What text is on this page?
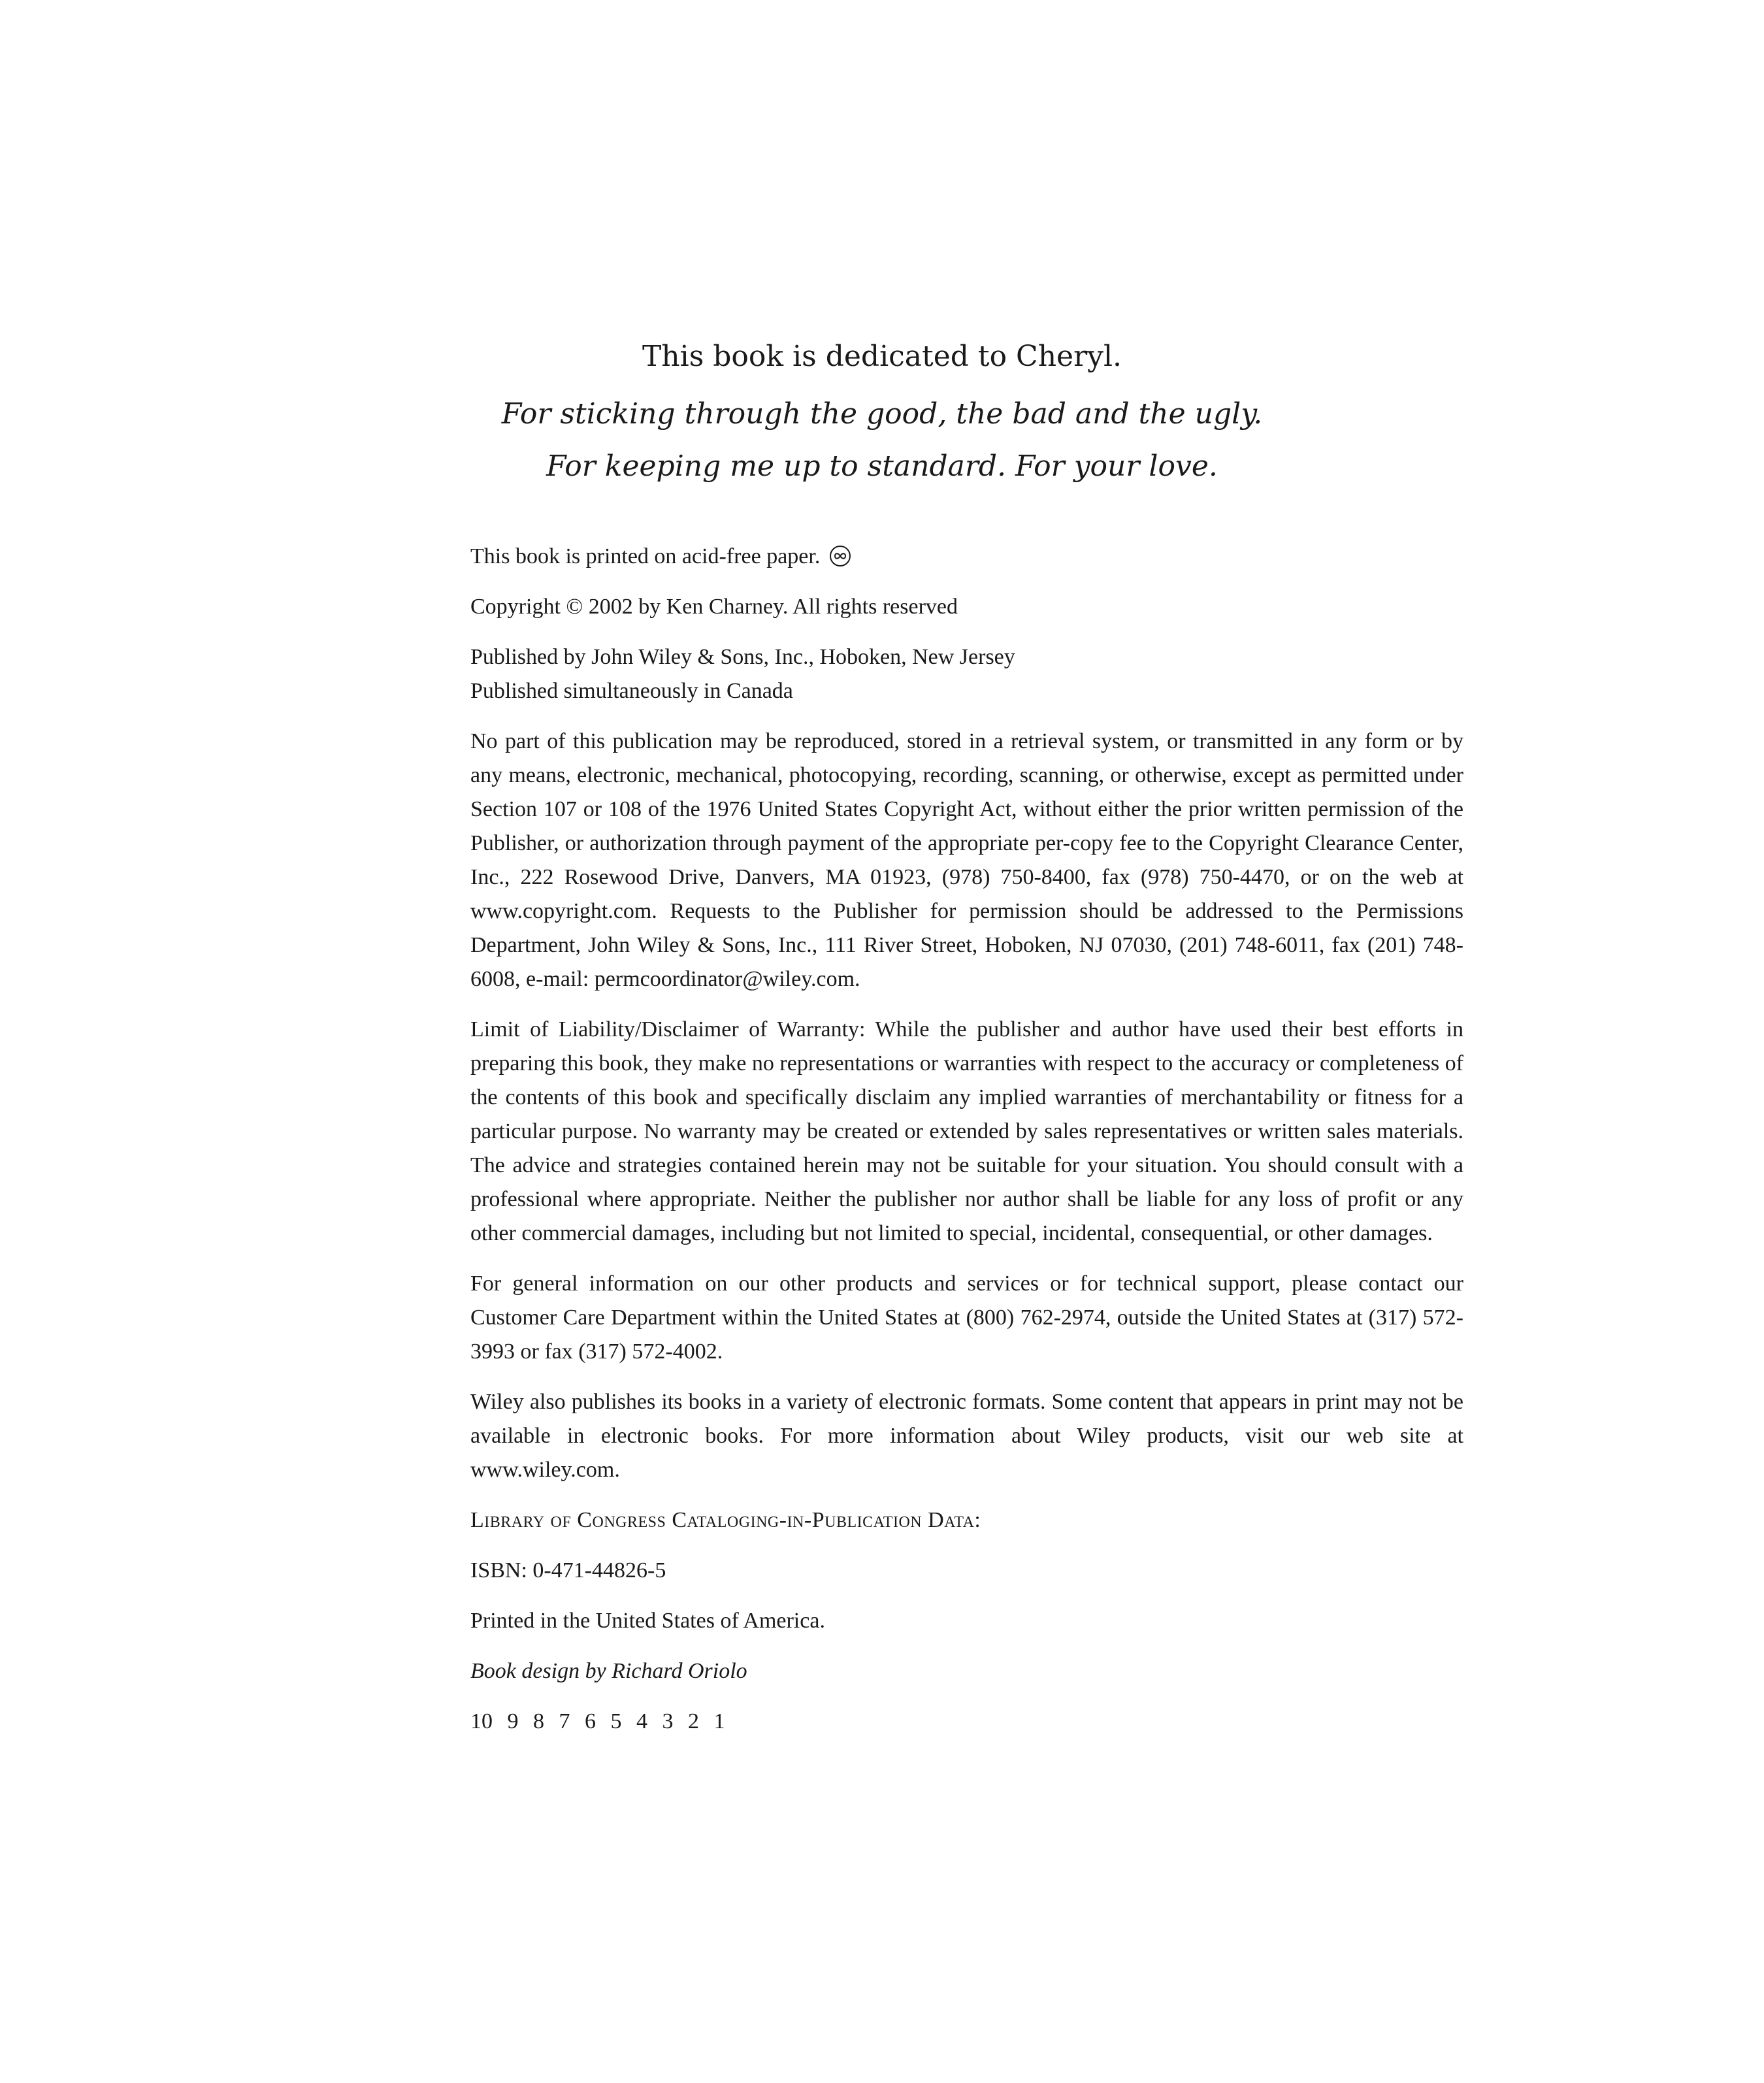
This book is dedicated to Cheryl.
For sticking through the good, the bad and the ugly.
For keeping me up to standard. For your love.

This book is printed on acid-free paper.

Copyright © 2002 by Ken Charney. All rights reserved

Published by John Wiley & Sons, Inc., Hoboken, New Jersey
Published simultaneously in Canada

No part of this publication may be reproduced, stored in a retrieval system, or transmitted in any form or by any means, electronic, mechanical, photocopying, recording, scanning, or otherwise, except as permitted under Section 107 or 108 of the 1976 United States Copyright Act, without either the prior written permission of the Publisher, or authorization through payment of the appropriate per-copy fee to the Copyright Clearance Center, Inc., 222 Rosewood Drive, Danvers, MA 01923, (978) 750-8400, fax (978) 750-4470, or on the web at www.copyright.com. Requests to the Publisher for permission should be addressed to the Permissions Department, John Wiley & Sons, Inc., 111 River Street, Hoboken, NJ 07030, (201) 748-6011, fax (201) 748-6008, e-mail: permcoordinator@wiley.com.

Limit of Liability/Disclaimer of Warranty: While the publisher and author have used their best efforts in preparing this book, they make no representations or warranties with respect to the accuracy or completeness of the contents of this book and specifically disclaim any implied warranties of merchantability or fitness for a particular purpose. No warranty may be created or extended by sales representatives or written sales materials. The advice and strategies contained herein may not be suitable for your situation. You should consult with a professional where appropriate. Neither the publisher nor author shall be liable for any loss of profit or any other commercial damages, including but not limited to special, incidental, consequential, or other damages.

For general information on our other products and services or for technical support, please contact our Customer Care Department within the United States at (800) 762-2974, outside the United States at (317) 572-3993 or fax (317) 572-4002.

Wiley also publishes its books in a variety of electronic formats. Some content that appears in print may not be available in electronic books. For more information about Wiley products, visit our web site at www.wiley.com.

Library of Congress Cataloging-in-Publication Data:

ISBN: 0-471-44826-5

Printed in the United States of America.

Book design by Richard Oriolo

10 9 8 7 6 5 4 3 2 1
